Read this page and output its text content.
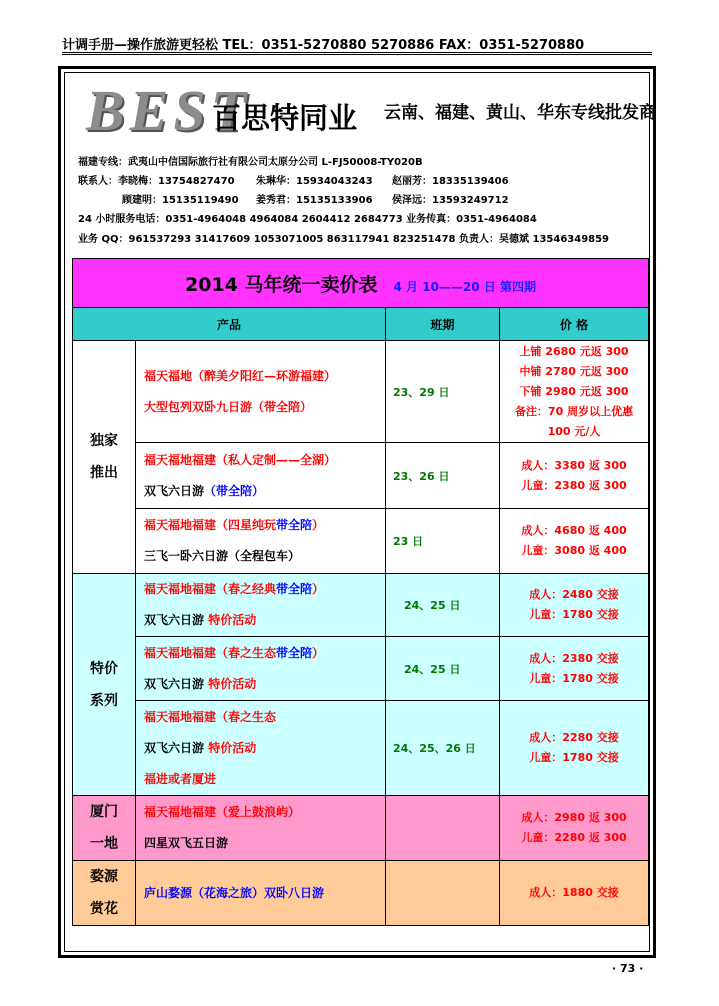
计调手册—操作旅游更轻松 TEL：0351-5270880 5270886 FAX：0351-5270880
BEST
百思特同业 云南、福建、黄山、华东专线批发商
福建专线：武夷山中信国际旅行社有限公司太原分公司 L-FJ50008-TY020B
联系人：李晓梅：13754827470 朱琳华：15934043243 赵丽芳：18335139406
顾建明：15135119490 姜秀君：15135133906 侯泽远：13593249712
24 小时服务电话：0351-4964048 4964084 2604412 2684773 业务传真：0351-4964084
业务 QQ：961537293 31417609 1053071005 863117941 823251478 负责人：吴德斌 13546349859
2014 马年统一卖价表 4 月 10——20 日 第四期			
产品		班期	价 格

独家
推出	福天福地（醉美夕阳红—环游福建）
大型包列双卧九日游（带全陪）	23、29 日	上铺 2680 元返 300
中铺 2780 元返 300
下铺 2980 元返 300
备注：70 周岁以上优惠
100 元/人

	福天福地福建（私人定制——全湖）
双飞六日游（带全陪）	23、26 日	成人：3380 返 300
儿童：2380 返 300

	福天福地福建（四星纯玩带全陪）
三飞一卧六日游（全程包车）	23 日	成人：4680 返 400
儿童：3080 返 400

特价
系列	福天福地福建（春之经典带全陪）
双飞六日游 特价活动	24、25 日	成人：2480 交接
儿童：1780 交接

	福天福地福建（春之生态带全陪）
双飞六日游 特价活动	24、25 日	成人：2380 交接
儿童：1780 交接

	福天福地福建（春之生态
双飞六日游 特价活动
福进或者厦进	24、25、26 日	成人：2280 交接
儿童：1780 交接

厦门
一地	福天福地福建（爱上鼓浪屿）
四星双飞五日游		成人：2980 返 300
儿童：2280 返 300

婺源
赏花	庐山婺源（花海之旅）双卧八日游		成人：1880 交接
· 73 ·
